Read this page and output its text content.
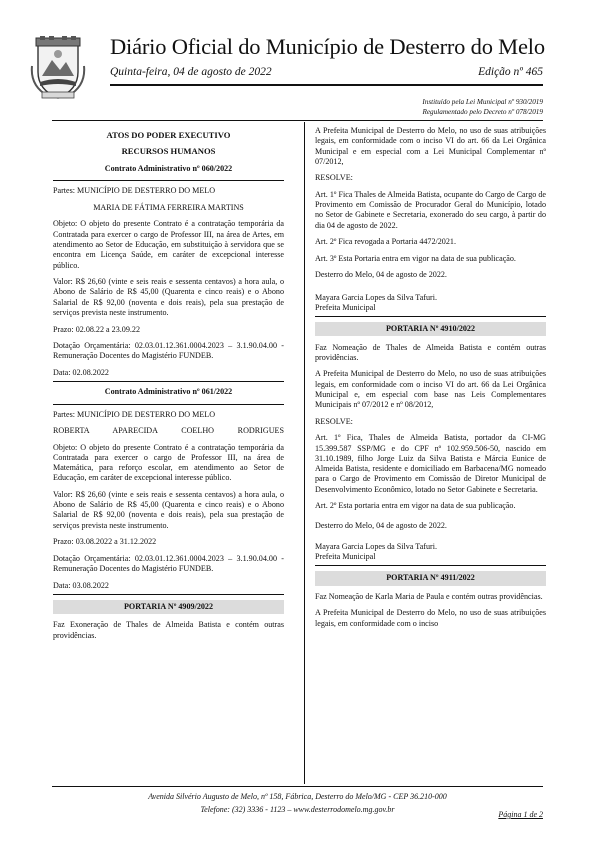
Diário Oficial do Município de Desterro do Melo
Quinta-feira, 04 de agosto de 2022	Edição nº 465
Instituído pela Lei Municipal nº 930/2019
Regulamentado pelo Decreto nº 078/2019
ATOS DO PODER EXECUTIVO
RECURSOS HUMANOS
Contrato Administrativo nº 060/2022
Partes: MUNICÍPIO DE DESTERRO DO MELO
MARIA DE FÁTIMA FERREIRA MARTINS
Objeto: O objeto do presente Contrato é a contratação temporária da Contratada para exercer o cargo de Professor III, na área de Artes, em atendimento ao Setor de Educação, em substituição à servidora que se encontra em Licença Saúde, em caráter de excepcional interesse público.
Valor: R$ 26,60 (vinte e seis reais e sessenta centavos) a hora aula, o Abono de Salário de R$ 45,00 (Quarenta e cinco reais) e o Abono Salarial de R$ 92,00 (noventa e dois reais), pela sua prestação de serviços prevista neste instrumento.
Prazo: 02.08.22 a 23.09.22
Dotação Orçamentária: 02.03.01.12.361.0004.2023 – 3.1.90.04.00 - Remuneração Docentes do Magistério FUNDEB.
Data: 02.08.2022
Contrato Administrativo nº 061/2022
Partes: MUNICÍPIO DE DESTERRO DO MELO
ROBERTA APARECIDA COELHO RODRIGUES
Objeto: O objeto do presente Contrato é a contratação temporária da Contratada para exercer o cargo de Professor III, na área de Matemática, para reforço escolar, em atendimento ao Setor de Educação, em caráter de excepcional interesse público.
Valor: R$ 26,60 (vinte e seis reais e sessenta centavos) a hora aula, o Abono de Salário de R$ 45,00 (Quarenta e cinco reais) e o Abono Salarial de R$ 92,00 (noventa e dois reais), pela sua prestação de serviços prevista neste instrumento.
Prazo: 03.08.2022 a 31.12.2022
Dotação Orçamentária: 02.03.01.12.361.0004.2023 – 3.1.90.04.00 - Remuneração Docentes do Magistério FUNDEB.
Data: 03.08.2022
PORTARIA Nº 4909/2022
Faz Exoneração de Thales de Almeida Batista e contém outras providências.
A Prefeita Municipal de Desterro do Melo, no uso de suas atribuições legais, em conformidade com o inciso VI do art. 66 da Lei Orgânica Municipal e em especial com a Lei Municipal Complementar nº 07/2012,
RESOLVE:
Art. 1º Fica Thales de Almeida Batista, ocupante do Cargo de Cargo de Provimento em Comissão de Procurador Geral do Município, lotado no Setor de Gabinete e Secretaria, exonerado do seu cargo, à partir do dia 04 de agosto de 2022.
Art. 2º Fica revogada a Portaria 4472/2021.
Art. 3º Esta Portaria entra em vigor na data de sua publicação.
Desterro do Melo, 04 de agosto de 2022.
Mayara Garcia Lopes da Silva Tafuri.
Prefeita Municipal
PORTARIA Nº 4910/2022
Faz Nomeação de Thales de Almeida Batista e contém outras providências.
A Prefeita Municipal de Desterro do Melo, no uso de suas atribuições legais, em conformidade com o inciso VI do art. 66 da Lei Orgânica Municipal e, em especial com base nas Leis Complementares Municipais nº 07/2012 e nº 08/2012,
RESOLVE:
Art. 1º Fica, Thales de Almeida Batista, portador da CI-MG 15.399.587 SSP/MG e do CPF nº 102.959.506-50, nascido em 31.10.1989, filho Jorge Luiz da Silva Batista e Márcia Eunice de Almeida Batista, residente e domiciliado em Barbacena/MG nomeado para o Cargo de Provimento em Comissão de Diretor Municipal de Desenvolvimento Econômico, lotado no Setor Gabinete e Secretaria.
Art. 2º Esta portaria entra em vigor na data de sua publicação.
Desterro do Melo, 04 de agosto de 2022.
Mayara Garcia Lopes da Silva Tafuri.
Prefeita Municipal
PORTARIA Nº 4911/2022
Faz Nomeação de Karla Maria de Paula e contém outras providências.
A Prefeita Municipal de Desterro do Melo, no uso de suas atribuições legais, em conformidade com o inciso
Avenida Silvério Augusto de Melo, nº 158, Fábrica, Desterro do Melo/MG - CEP 36.210-000
Telefone: (32) 3336 - 1123 – www.desterrodomelo.mg.gov.br
Página 1 de 2
